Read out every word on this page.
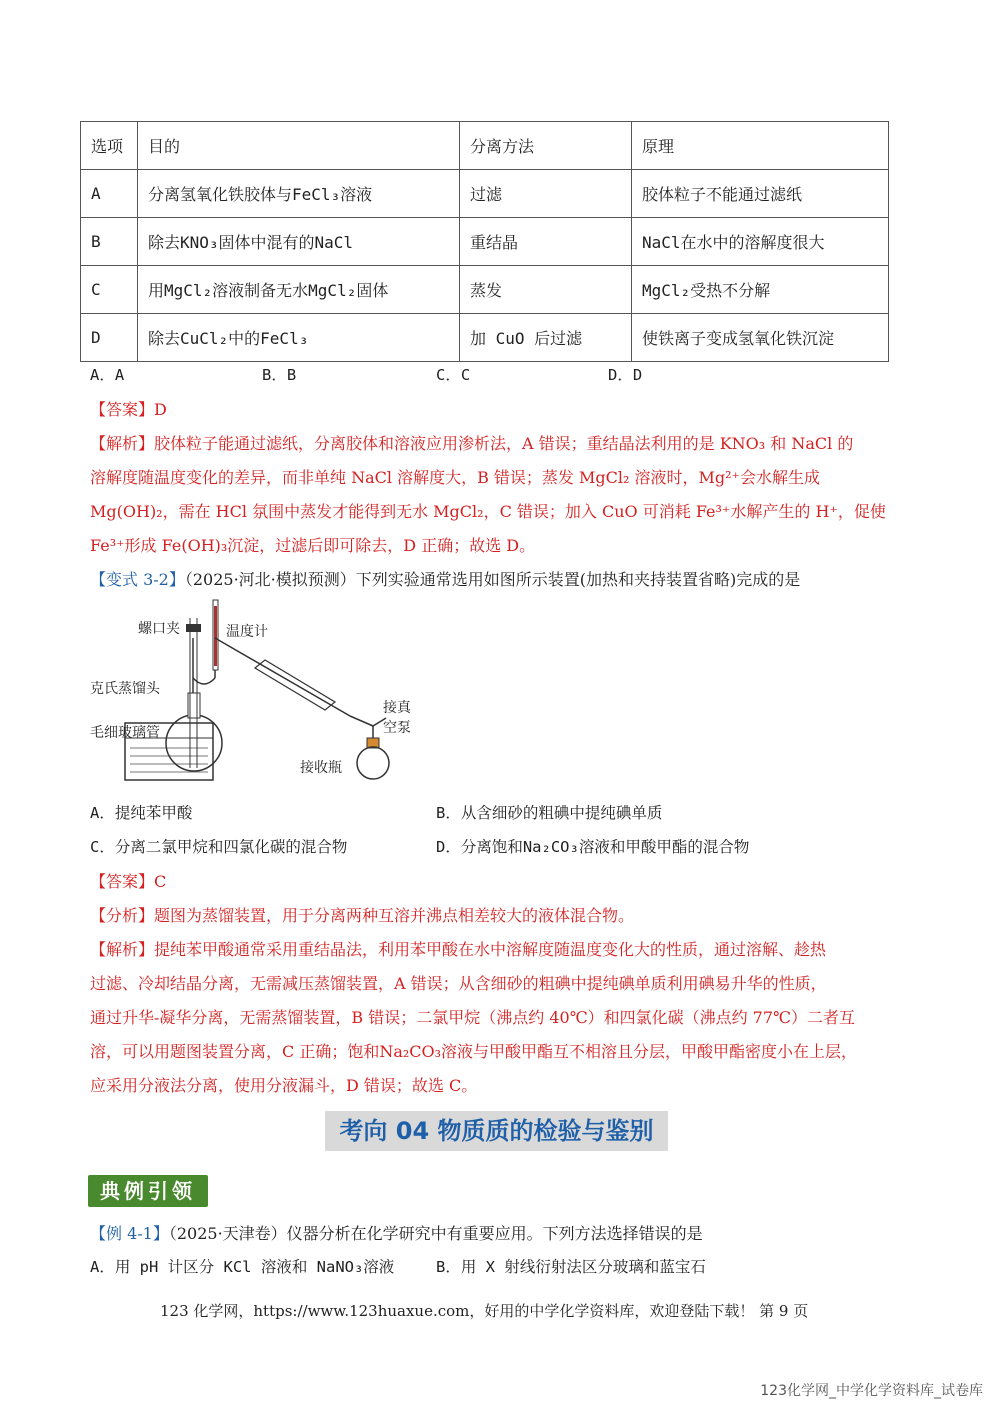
选项	目的	分离方法	原理
A	分离氢氧化铁胶体与FeCl₃溶液	过滤	胶体粒子不能通过滤纸
B	除去KNO₃固体中混有的NaCl	重结晶	NaCl在水中的溶解度很大
C	用MgCl₂溶液制备无水MgCl₂固体	蒸发	MgCl₂受热不分解
D	除去CuCl₂中的FeCl₃	加 CuO 后过滤	使铁离子变成氢氧化铁沉淀
A．A	B．B	C．C	D．D
【答案】D
【解析】胶体粒子能通过滤纸，分离胶体和溶液应用渗析法，A 错误；重结晶法利用的是 KNO₃ 和 NaCl 的
溶解度随温度变化的差异，而非单纯 NaCl 溶解度大，B 错误；蒸发 MgCl₂ 溶液时，Mg²⁺会水解生成
Mg(OH)₂，需在 HCl 氛围中蒸发才能得到无水 MgCl₂，C 错误；加入 CuO 可消耗 Fe³⁺水解产生的 H⁺，促使
Fe³⁺形成 Fe(OH)₃沉淀，过滤后即可除去，D 正确；故选 D。
【变式 3-2】（2025·河北·模拟预测）下列实验通常选用如图所示装置(加热和夹持装置省略)完成的是
螺口夹	温度计
克氏蒸馏头
毛细玻璃管
接真
空泵
接收瓶
A．提纯苯甲酸	B．从含细砂的粗碘中提纯碘单质
C．分离二氯甲烷和四氯化碳的混合物	D．分离饱和Na₂CO₃溶液和甲酸甲酯的混合物
【答案】C
【分析】题图为蒸馏装置，用于分离两种互溶并沸点相差较大的液体混合物。
【解析】提纯苯甲酸通常采用重结晶法，利用苯甲酸在水中溶解度随温度变化大的性质，通过溶解、趁热
过滤、冷却结晶分离，无需减压蒸馏装置，A 错误；从含细砂的粗碘中提纯碘单质利用碘易升华的性质，
通过升华-凝华分离，无需蒸馏装置，B 错误；二氯甲烷（沸点约 40℃）和四氯化碳（沸点约 77℃）二者互
溶，可以用题图装置分离，C 正确；饱和Na₂CO₃溶液与甲酸甲酯互不相溶且分层，甲酸甲酯密度小在上层，
应采用分液法分离，使用分液漏斗，D 错误；故选 C。
考向 04 物质质的检验与鉴别
典例引领
【例 4-1】（2025·天津卷）仪器分析在化学研究中有重要应用。下列方法选择错误的是
A．用 pH 计区分 KCl 溶液和 NaNO₃溶液	B．用 X 射线衍射法区分玻璃和蓝宝石
123 化学网，https://www.123huaxue.com，好用的中学化学资料库，欢迎登陆下载！ 第 9 页
123化学网_中学化学资料库_试卷库
